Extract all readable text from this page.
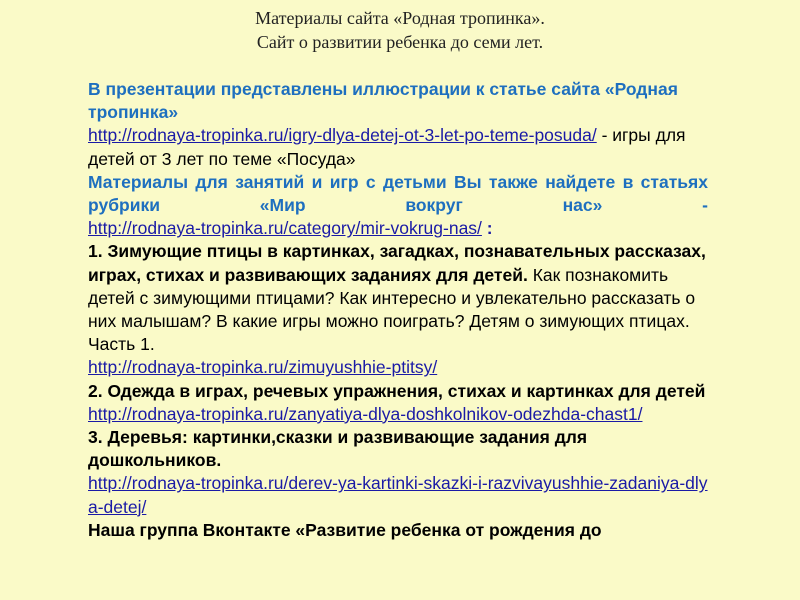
Материалы сайта «Родная тропинка».
Сайт о развитии ребенка до семи лет.

В презентации представлены иллюстрации к статье сайта «Родная тропинка»
http://rodnaya-tropinka.ru/igry-dlya-detej-ot-3-let-po-teme-posuda/ - игры для детей от 3 лет по теме «Посуда»

Материалы для занятий и игр с детьми Вы также найдете в статьях рубрики «Мир вокруг нас» -

http://rodnaya-tropinka.ru/category/mir-vokrug-nas/ :

1. Зимующие птицы в картинках, загадках, познавательных рассказах, играх, стихах и развивающих заданиях для детей. Как познакомить детей с зимующими птицами? Как интересно и увлекательно рассказать о них малышам? В какие игры можно поиграть? Детям о зимующих птицах. Часть 1.
http://rodnaya-tropinka.ru/zimuyushhie-ptitsy/

2. Одежда в играх, речевых упражнения, стихах и картинках для детей
http://rodnaya-tropinka.ru/zanyatiya-dlya-doshkolnikov-odezhda-chast1/

3. Деревья: картинки,сказки и развивающие задания для дошкольников.
http://rodnaya-tropinka.ru/derev-ya-kartinki-skazki-i-razvivayushhie-zadaniya-dlya-detej/

Наша группа Вконтакте «Развитие ребенка от рождения до
